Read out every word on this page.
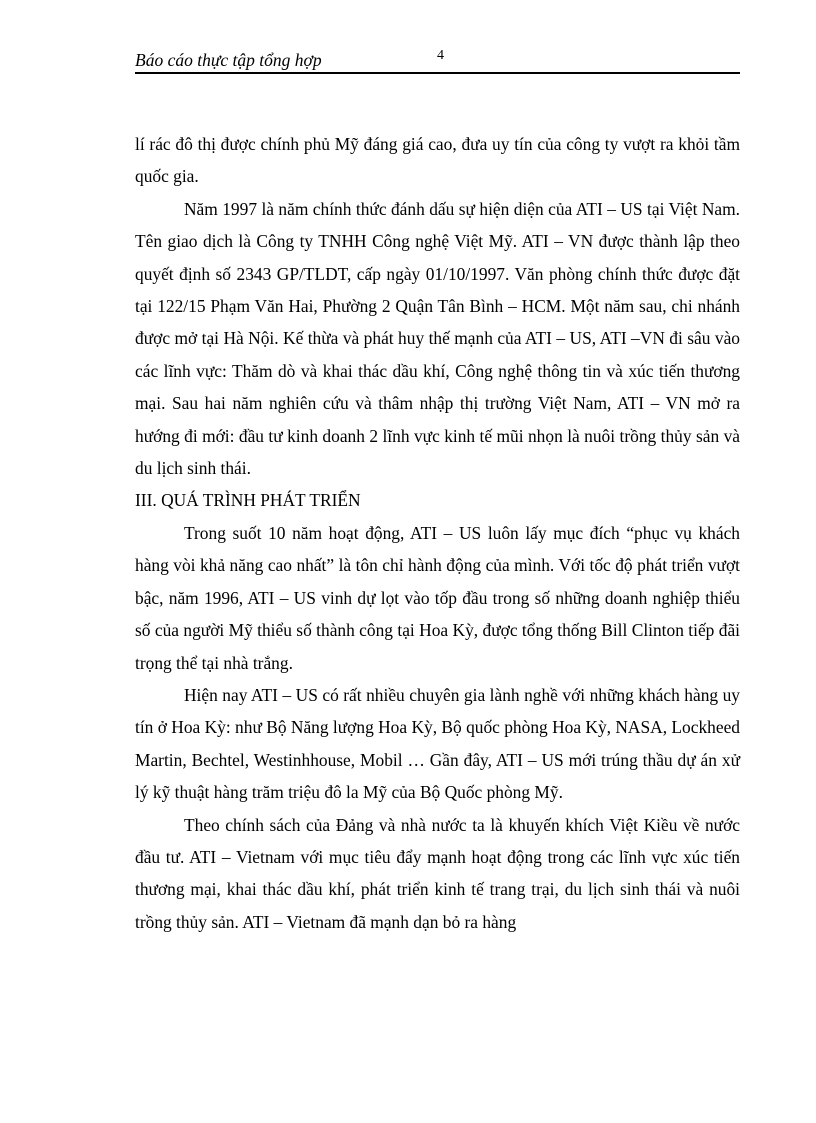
Báo cáo thực tập tổng hợp	4

lí rác đô thị được chính phủ Mỹ đáng giá cao, đưa uy tín của công ty vượt ra khỏi tầm quốc gia.

Năm 1997 là năm chính thức đánh dấu sự hiện diện của ATI – US tại Việt Nam. Tên giao dịch là Công ty TNHH Công nghệ Việt Mỹ. ATI – VN được thành lập theo quyết định số 2343 GP/TLDT, cấp ngày 01/10/1997. Văn phòng chính thức được đặt tại 122/15 Phạm Văn Hai, Phường 2 Quận Tân Bình – HCM. Một năm sau, chi nhánh được mở tại Hà Nội. Kế thừa và phát huy thế mạnh của ATI – US, ATI –VN đi sâu vào các lĩnh vực: Thăm dò và khai thác dầu khí, Công nghệ thông tin và xúc tiến thương mại. Sau hai năm nghiên cứu và thâm nhập thị trường Việt Nam, ATI – VN mở ra hướng đi mới: đầu tư kinh doanh 2 lĩnh vực kinh tế mũi nhọn là nuôi trồng thủy sản và du lịch sinh thái.

III. QUÁ TRÌNH PHÁT TRIỂN

Trong suốt 10 năm hoạt động, ATI – US luôn lấy mục đích “phục vụ khách hàng vòi khả năng cao nhất” là tôn chỉ hành động của mình. Với tốc độ phát triển vượt bậc, năm 1996, ATI – US vinh dự lọt vào tốp đầu trong số những doanh nghiệp thiểu số của người Mỹ thiểu số thành công tại Hoa Kỳ, được tổng thống Bill Clinton tiếp đãi trọng thể tại nhà trắng.

Hiện nay ATI – US có rất nhiều chuyên gia lành nghề với những khách hàng uy tín ở Hoa Kỳ: như Bộ Năng lượng Hoa Kỳ, Bộ quốc phòng Hoa Kỳ, NASA, Lockheed Martin, Bechtel, Westinhhouse, Mobil … Gần đây, ATI – US mới trúng thầu dự án xử lý kỹ thuật hàng trăm triệu đô la Mỹ của Bộ Quốc phòng Mỹ.

Theo chính sách của Đảng và nhà nước ta là khuyến khích Việt Kiều về nước đầu tư. ATI – Vietnam với mục tiêu đẩy mạnh hoạt động trong các lĩnh vực xúc tiến thương mại, khai thác dầu khí, phát triển kinh tế trang trại, du lịch sinh thái và nuôi trồng thủy sản. ATI – Vietnam đã mạnh dạn bỏ ra hàng
